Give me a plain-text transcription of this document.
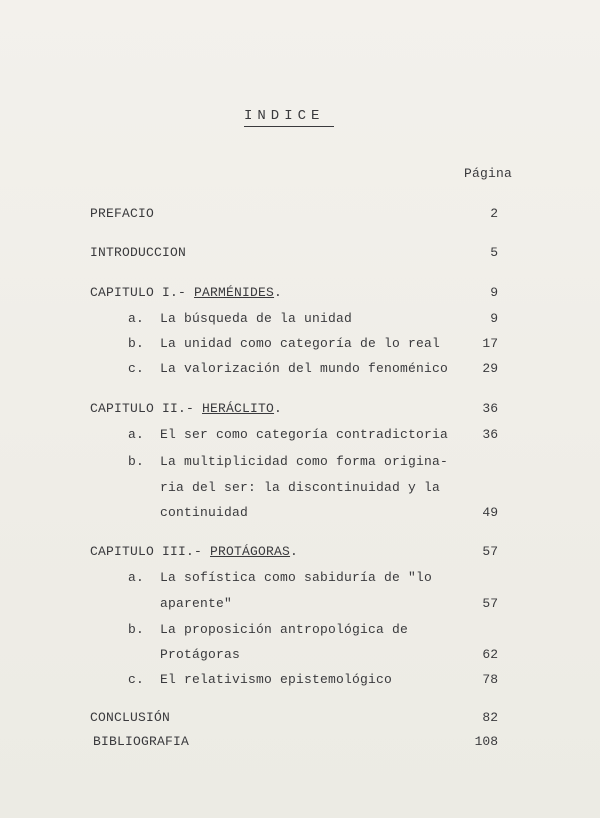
INDICE
Página
PREFACIO	2
INTRODUCCION	5
CAPITULO I.- PARMÉNIDES.	9
a. La búsqueda de la unidad	9
b. La unidad como categoría de lo real	17
c. La valorización del mundo fenoménico	29
CAPITULO II.- HERÁCLITO.	36
a. El ser como categoría contradictoria	36
b. La multiplicidad como forma origina-
ria del ser: la discontinuidad y la
continuidad	49
CAPITULO III.- PROTÁGORAS.	57
a. La sofística como sabiduría de "lo
aparente"	57
b. La proposición antropológica de
Protágoras	62
c. El relativismo epistemológico	78
CONCLUSIÓN	82
BIBLIOGRAFIA	108
